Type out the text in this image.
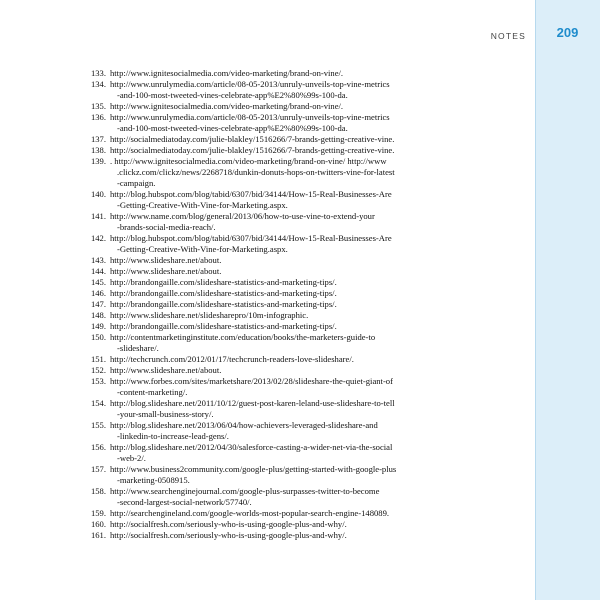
NOTES	209
133. http://www.ignitesocialmedia.com/video-marketing/brand-on-vine/.
134. http://www.unrulymedia.com/article/08-05-2013/unruly-unveils-top-vine-metrics
-and-100-most-tweeted-vines-celebrate-app%E2%80%99s-100-da.
135. http://www.ignitesocialmedia.com/video-marketing/brand-on-vine/.
136. http://www.unrulymedia.com/article/08-05-2013/unruly-unveils-top-vine-metrics
-and-100-most-tweeted-vines-celebrate-app%E2%80%99s-100-da.
137. http://socialmediatoday.com/julie-blakley/1516266/7-brands-getting-creative-vine.
138. http://socialmediatoday.com/julie-blakley/1516266/7-brands-getting-creative-vine.
139. . http://www.ignitesocialmedia.com/video-marketing/brand-on-vine/ http://www
.clickz.com/clickz/news/2268718/dunkin-donuts-hops-on-twitters-vine-for-latest
-campaign.
140. http://blog.hubspot.com/blog/tabid/6307/bid/34144/How-15-Real-Businesses-Are
-Getting-Creative-With-Vine-for-Marketing.aspx.
141. http://www.name.com/blog/general/2013/06/how-to-use-vine-to-extend-your
-brands-social-media-reach/.
142. http://blog.hubspot.com/blog/tabid/6307/bid/34144/How-15-Real-Businesses-Are
-Getting-Creative-With-Vine-for-Marketing.aspx.
143. http://www.slideshare.net/about.
144. http://www.slideshare.net/about.
145. http://brandongaille.com/slideshare-statistics-and-marketing-tips/.
146. http://brandongaille.com/slideshare-statistics-and-marketing-tips/.
147. http://brandongaille.com/slideshare-statistics-and-marketing-tips/.
148. http://www.slideshare.net/slidesharepro/10m-infographic.
149. http://brandongaille.com/slideshare-statistics-and-marketing-tips/.
150. http://contentmarketinginstitute.com/education/books/the-marketers-guide-to
-slideshare/.
151. http://techcrunch.com/2012/01/17/techcrunch-readers-love-slideshare/.
152. http://www.slideshare.net/about.
153. http://www.forbes.com/sites/marketshare/2013/02/28/slideshare-the-quiet-giant-of
-content-marketing/.
154. http://blog.slideshare.net/2011/10/12/guest-post-karen-leland-use-slideshare-to-tell
-your-small-business-story/.
155. http://blog.slideshare.net/2013/06/04/how-achievers-leveraged-slideshare-and
-linkedin-to-increase-lead-gens/.
156. http://blog.slideshare.net/2012/04/30/salesforce-casting-a-wider-net-via-the-social
-web-2/.
157. http://www.business2community.com/google-plus/getting-started-with-google-plus
-marketing-0508915.
158. http://www.searchenginejournal.com/google-plus-surpasses-twitter-to-become
-second-largest-social-network/57740/.
159. http://searchengineland.com/google-worlds-most-popular-search-engine-148089.
160. http://socialfresh.com/seriously-who-is-using-google-plus-and-why/.
161. http://socialfresh.com/seriously-who-is-using-google-plus-and-why/.
